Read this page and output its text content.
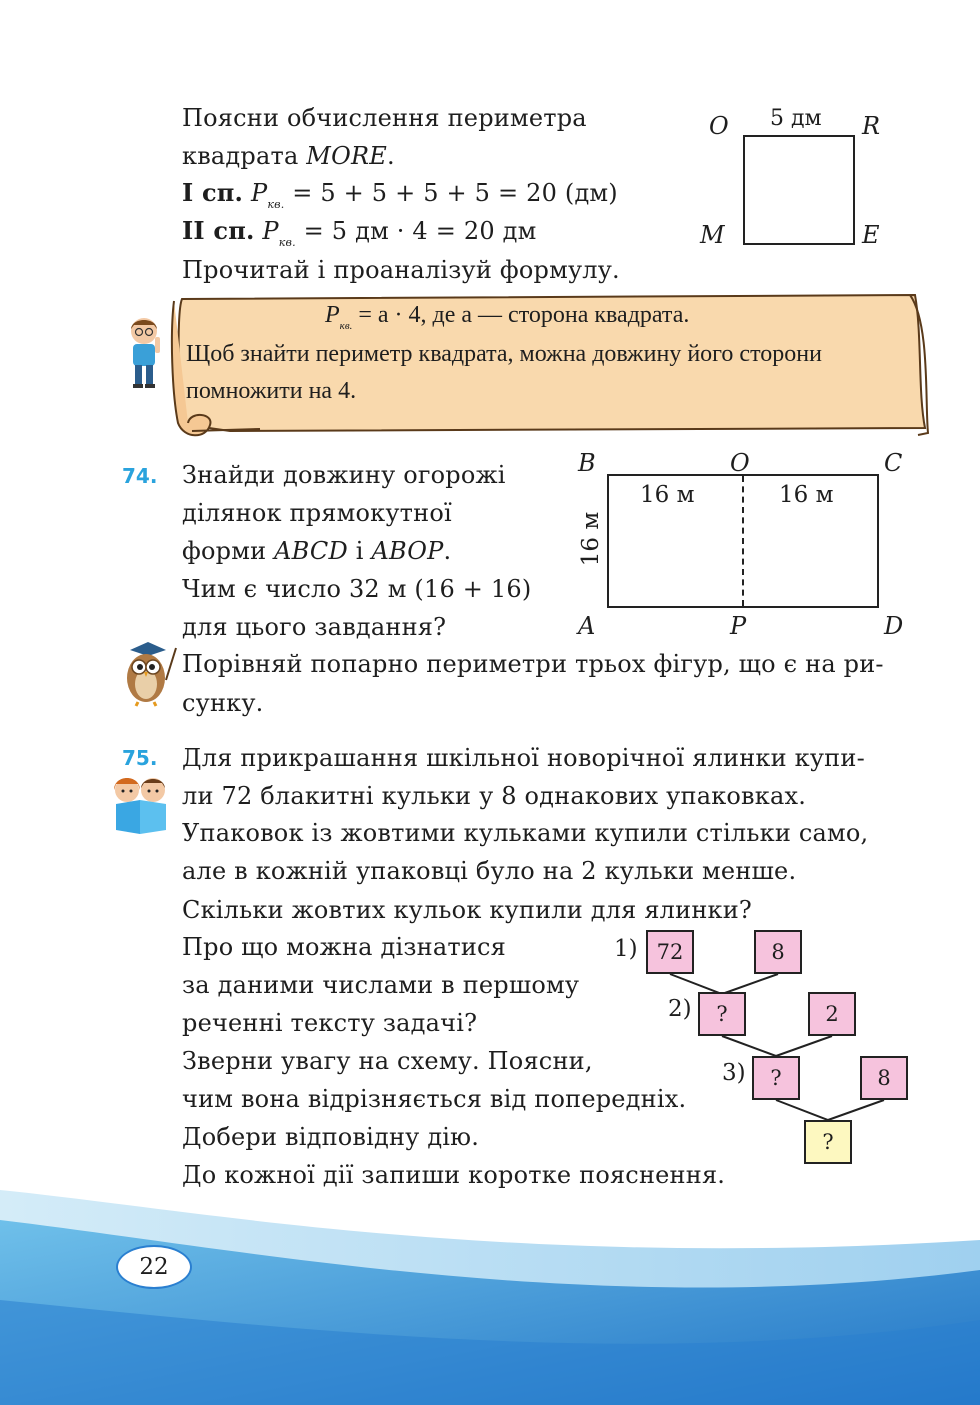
Поясни обчислення периметра
квадрата MORE.
І сп. $P_{кв.} = 5 + 5 + 5 + 5 = 20$ (дм)
ІІ сп. $P_{кв.} = 5$ дм · 4 = 20 дм
Прочитай і проаналізуй формулу.
O	R
M	E
5 дм
$P_{кв.} = a \cdot 4$, де a — сторона квадрата.
Щоб знайти периметр квадрата, можна довжину його сторони
помножити на 4.
74. Знайди довжину огорожі
ділянок прямокутної
форми ABCD і ABOP.
Чим є число 32 м (16 + 16)
для цього завдання?
B	O	C
A	P	D
16 м	16 м
16 м
Порівняй попарно периметри трьох фігур, що є на ри-
сунку.
75. Для прикрашання шкільної новорічної ялинки купи-
ли 72 блакитні кульки у 8 однакових упаковках.
Упаковок із жовтими кульками купили стільки само,
але в кожній упаковці було на 2 кульки менше.
Скільки жовтих кульок купили для ялинки?
Про що можна дізнатися
за даними числами в першому
реченні тексту задачі?
Зверни увагу на схему. Поясни,
чим вона відрізняється від попередніх.
Добери відповідну дію.
До кожної дії запиши коротке пояснення.
1)
2)
3)
72	8
?	2
?	8
?
22
